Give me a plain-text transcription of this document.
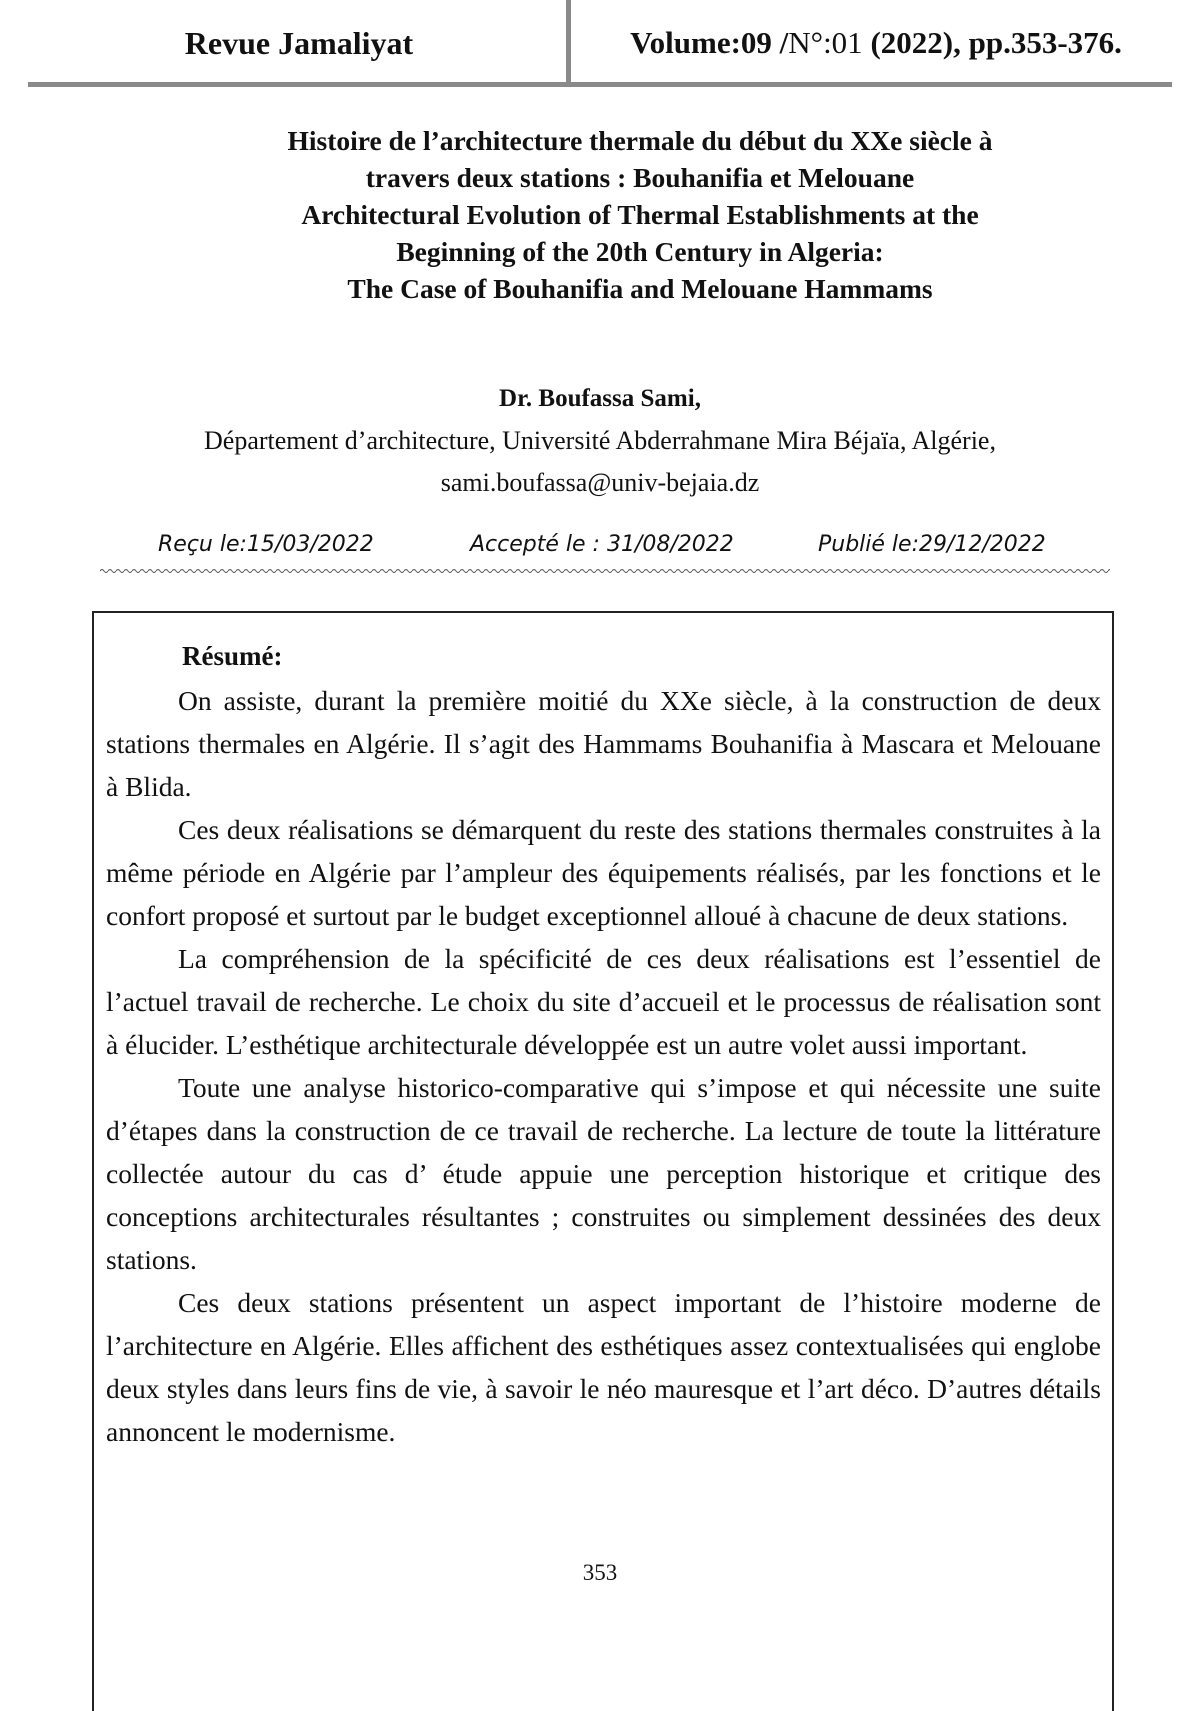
Revue Jamaliyat	Volume:09 /N°:01 (2022), pp.353-376.
Histoire de l’architecture thermale du début du XXe siècle à
travers deux stations : Bouhanifia et Melouane
Architectural Evolution of Thermal Establishments at the
Beginning of the 20th Century in Algeria:
The Case of Bouhanifia and Melouane Hammams
Dr. Boufassa Sami,
Département d’architecture, Université Abderrahmane Mira Béjaïa, Algérie,
sami.boufassa@univ-bejaia.dz
Reçu le:15/03/2022	Accepté le : 31/08/2022	Publié le:29/12/2022
Résumé:

On assiste, durant la première moitié du XXe siècle, à la construction de deux stations thermales en Algérie. Il s’agit des Hammams Bouhanifia à Mascara et Melouane à Blida.

Ces deux réalisations se démarquent du reste des stations thermales construites à la même période en Algérie par l’ampleur des équipements réalisés, par les fonctions et le confort proposé et surtout par le budget exceptionnel alloué à chacune de deux stations.

La compréhension de la spécificité de ces deux réalisations est l’essentiel de l’actuel travail de recherche. Le choix du site d’accueil et le processus de réalisation sont à élucider. L’esthétique architecturale développée est un autre volet aussi important.

Toute une analyse historico-comparative qui s’impose et qui nécessite une suite d’étapes dans la construction de ce travail de recherche. La lecture de toute la littérature collectée autour du cas d’ étude appuie une perception historique et critique des conceptions architecturales résultantes ; construites ou simplement dessinées des deux stations.

Ces deux stations présentent un aspect important de l’histoire moderne de l’architecture en Algérie. Elles affichent des esthétiques assez contextualisées qui englobe deux styles dans leurs fins de vie, à savoir le néo mauresque et l’art déco. D’autres détails annoncent le modernisme.

353
